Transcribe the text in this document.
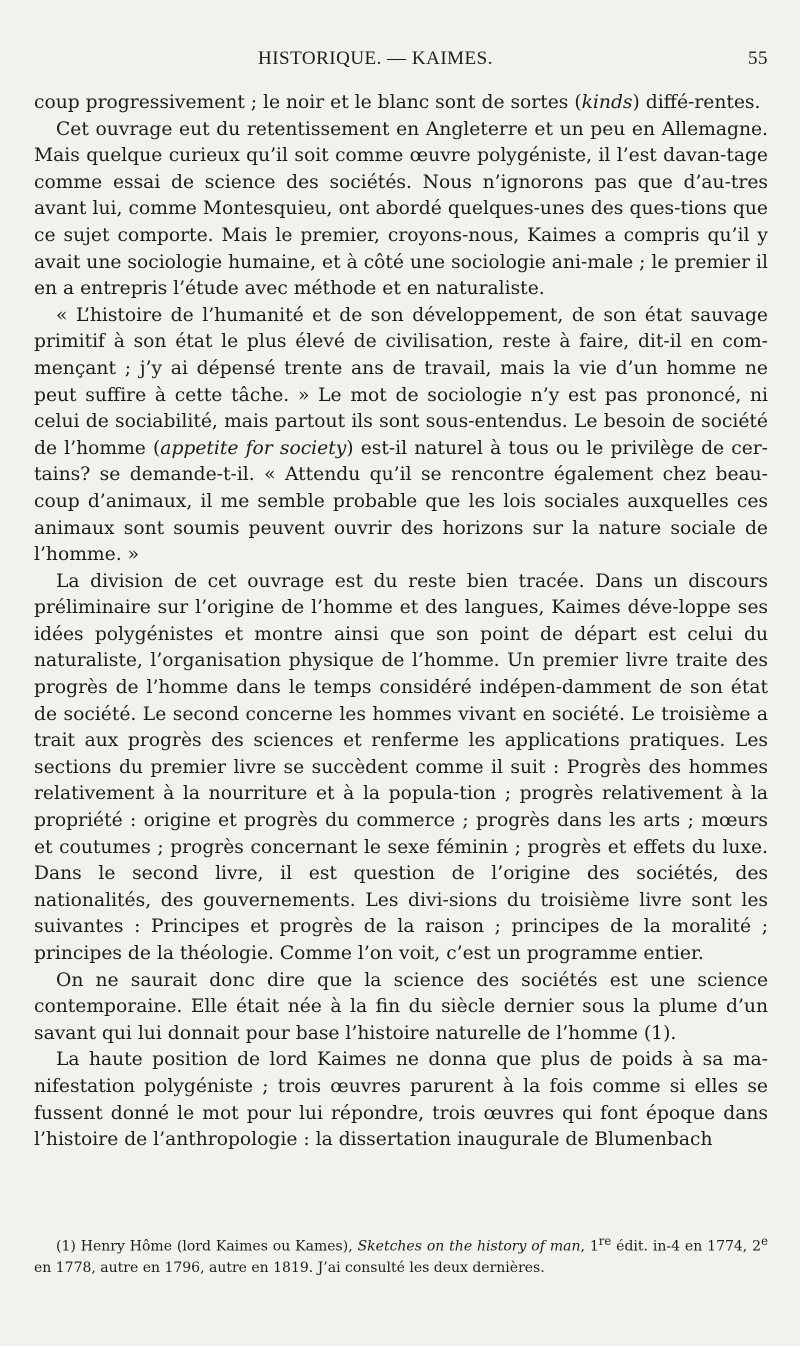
HISTORIQUE. — KAIMES.	55

coup progressivement ; le noir et le blanc sont de sortes (kinds) diffé-rentes.

Cet ouvrage eut du retentissement en Angleterre et un peu en Allemagne. Mais quelque curieux qu’il soit comme œuvre polygéniste, il l’est davan-tage comme essai de science des sociétés. Nous n’ignorons pas que d’au-tres avant lui, comme Montesquieu, ont abordé quelques-unes des ques-tions que ce sujet comporte. Mais le premier, croyons-nous, Kaimes a compris qu’il y avait une sociologie humaine, et à côté une sociologie ani-male ; le premier il en a entrepris l’étude avec méthode et en naturaliste.

« L’histoire de l’humanité et de son développement, de son état sauvage primitif à son état le plus élevé de civilisation, reste à faire, dit-il en com-mençant ; j’y ai dépensé trente ans de travail, mais la vie d’un homme ne peut suffire à cette tâche. » Le mot de sociologie n’y est pas prononcé, ni celui de sociabilité, mais partout ils sont sous-entendus. Le besoin de société de l’homme (appetite for society) est-il naturel à tous ou le privilège de cer-tains? se demande-t-il. « Attendu qu’il se rencontre également chez beau-coup d’animaux, il me semble probable que les lois sociales auxquelles ces animaux sont soumis peuvent ouvrir des horizons sur la nature sociale de l’homme. »

La division de cet ouvrage est du reste bien tracée. Dans un discours préliminaire sur l’origine de l’homme et des langues, Kaimes déve-loppe ses idées polygénistes et montre ainsi que son point de départ est celui du naturaliste, l’organisation physique de l’homme. Un premier livre traite des progrès de l’homme dans le temps considéré indépen-damment de son état de société. Le second concerne les hommes vivant en société. Le troisième a trait aux progrès des sciences et renferme les applications pratiques. Les sections du premier livre se succèdent comme il suit : Progrès des hommes relativement à la nourriture et à la popula-tion ; progrès relativement à la propriété : origine et progrès du commerce ; progrès dans les arts ; mœurs et coutumes ; progrès concernant le sexe féminin ; progrès et effets du luxe. Dans le second livre, il est question de l’origine des sociétés, des nationalités, des gouvernements. Les divi-sions du troisième livre sont les suivantes : Principes et progrès de la raison ; principes de la moralité ; principes de la théologie. Comme l’on voit, c’est un programme entier.

On ne saurait donc dire que la science des sociétés est une science contemporaine. Elle était née à la fin du siècle dernier sous la plume d’un savant qui lui donnait pour base l’histoire naturelle de l’homme (1).

La haute position de lord Kaimes ne donna que plus de poids à sa ma-nifestation polygéniste ; trois œuvres parurent à la fois comme si elles se fussent donné le mot pour lui répondre, trois œuvres qui font époque dans l’histoire de l’anthropologie : la dissertation inaugurale de Blumenbach

(1) Henry Hôme (lord Kaimes ou Kames), Sketches on the history of man, 1re édit. in-4 en 1774, 2e en 1778, autre en 1796, autre en 1819. J’ai consulté les deux dernières.
